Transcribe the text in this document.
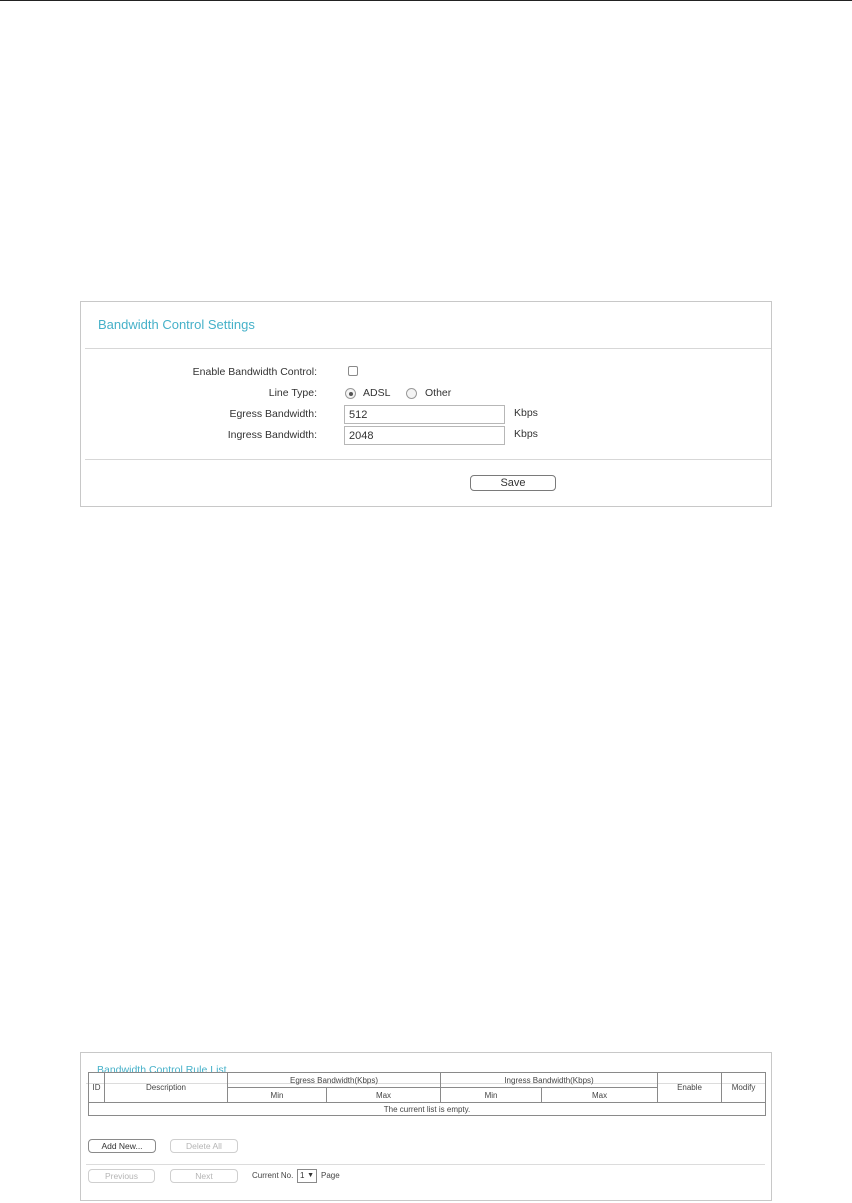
Bandwidth Control Settings
Enable Bandwidth Control:
Line Type:	ADSL	Other
Egress Bandwidth:
512	Kbps
Ingress Bandwidth:
2048	Kbps
Save
Bandwidth Control Rule List
ID	Description	Egress Bandwidth(Kbps)		Ingress Bandwidth(Kbps)		Enable	Modify
		Min	Max	Min	Max		
The current list is empty.							
Add New...	Delete All
Previous	Next	Current No. 1 ▼ Page
